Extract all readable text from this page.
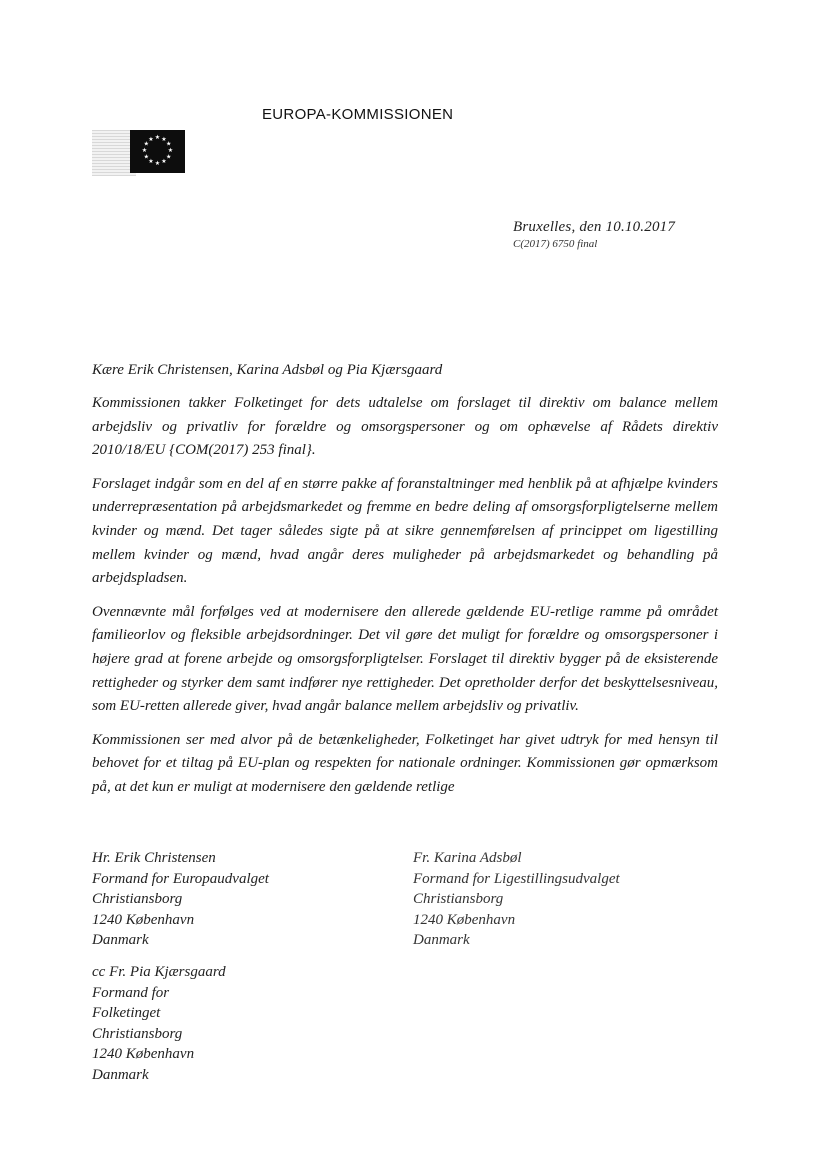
★ ★
★
★
★
★
★
★
★
★
★
★
EUROPA-KOMMISSIONEN
Bruxelles, den 10.10.2017
C(2017) 6750 final
Kære Erik Christensen, Karina Adsbøl og Pia Kjærsgaard

Kommissionen takker Folketinget for dets udtalelse om forslaget til direktiv om balance mellem arbejdsliv og privatliv for forældre og omsorgspersoner og om ophævelse af Rådets direktiv 2010/18/EU {COM(2017) 253 final}.

Forslaget indgår som en del af en større pakke af foranstaltninger med henblik på at afhjælpe kvinders underrepræsentation på arbejdsmarkedet og fremme en bedre deling af omsorgsforpligtelserne mellem kvinder og mænd. Det tager således sigte på at sikre gennemførelsen af princippet om ligestilling mellem kvinder og mænd, hvad angår deres muligheder på arbejdsmarkedet og behandling på arbejdspladsen.

Ovennævnte mål forfølges ved at modernisere den allerede gældende EU-retlige ramme på området familieorlov og fleksible arbejdsordninger. Det vil gøre det muligt for forældre og omsorgspersoner i højere grad at forene arbejde og omsorgsforpligtelser. Forslaget til direktiv bygger på de eksisterende rettigheder og styrker dem samt indfører nye rettigheder. Det opretholder derfor det beskyttelsesniveau, som EU-retten allerede giver, hvad angår balance mellem arbejdsliv og privatliv.

Kommissionen ser med alvor på de betænkeligheder, Folketinget har givet udtryk for med hensyn til behovet for et tiltag på EU-plan og respekten for nationale ordninger. Kommissionen gør opmærksom på, at det kun er muligt at modernisere den gældende retlige

Hr. Erik Christensen
Formand for Europaudvalget
Christiansborg
1240 København
Danmark
Fr. Karina Adsbøl
Formand for Ligestillingsudvalget
Christiansborg
1240 København
Danmark
cc Fr. Pia Kjærsgaard
Formand for
Folketinget
Christiansborg
1240 København
Danmark
